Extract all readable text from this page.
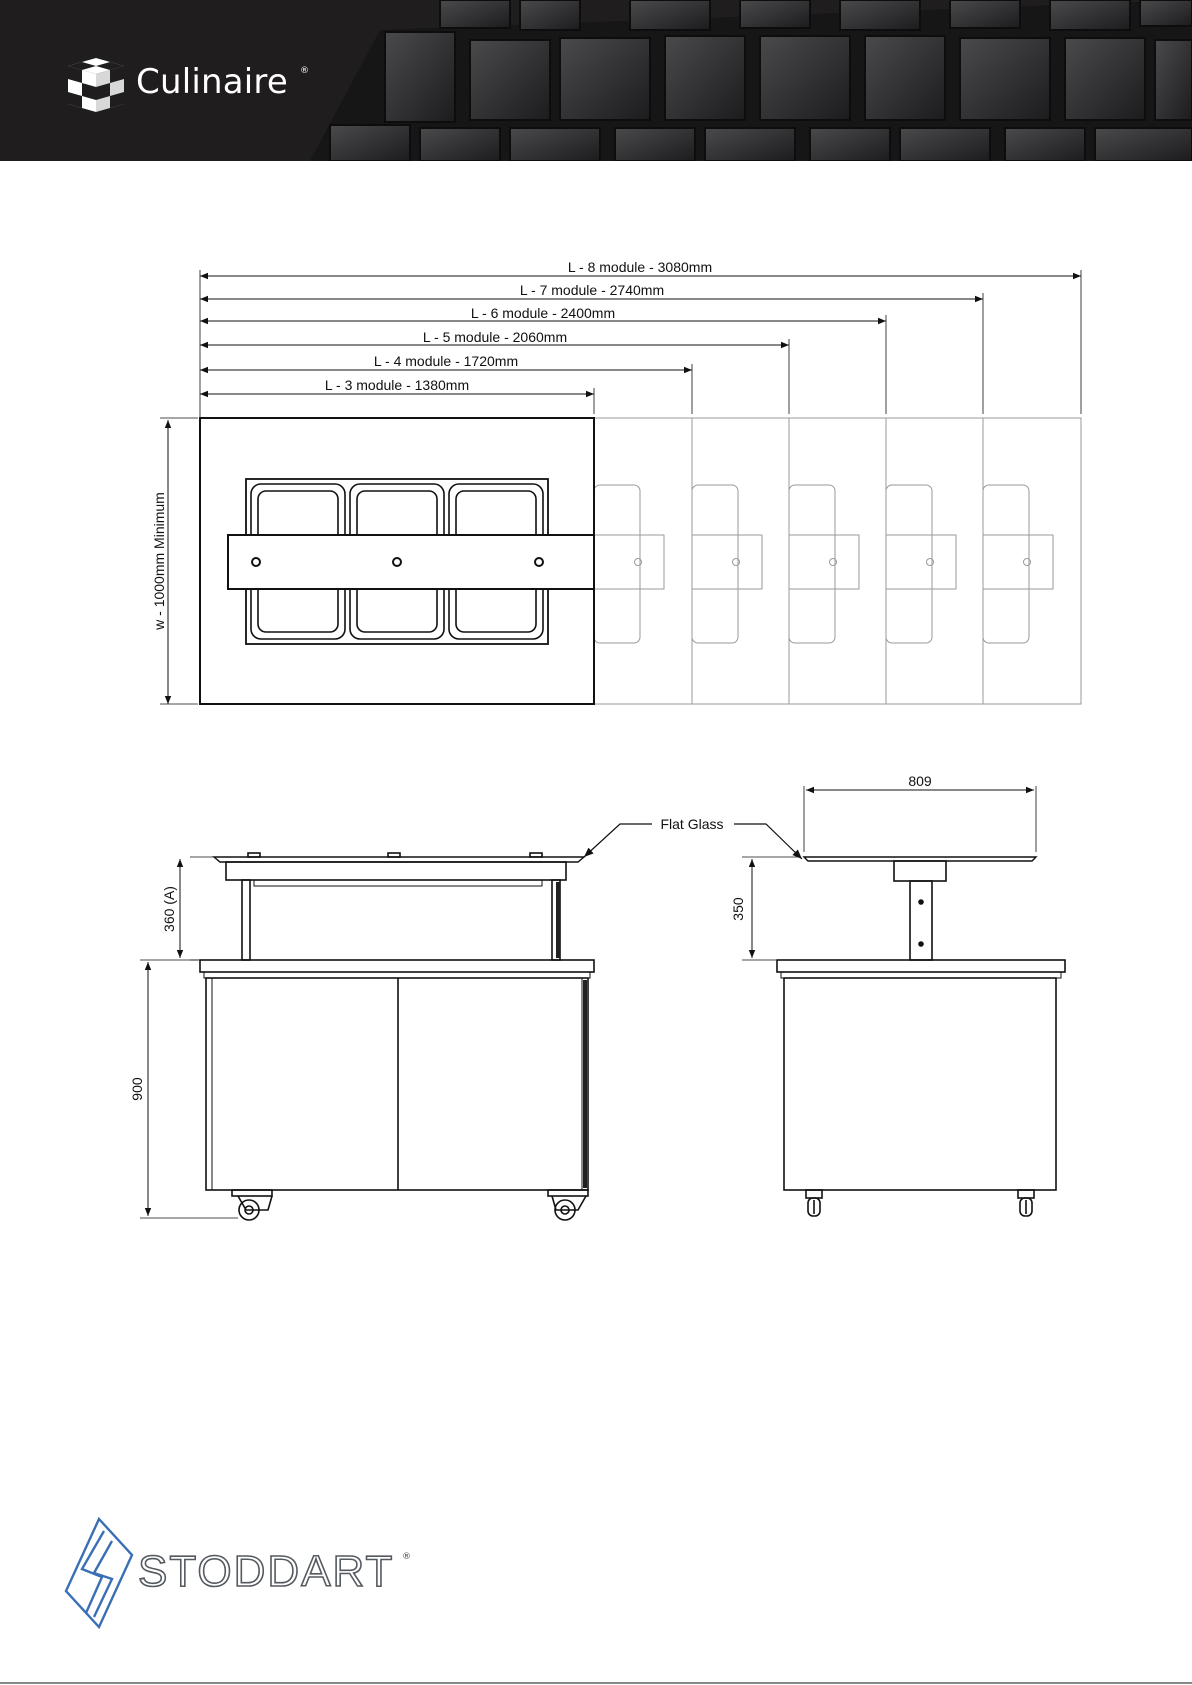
Culinaire ®
L - 8 module - 3080mm
L - 7 module - 2740mm
L - 6 module - 2400mm
L - 5 module - 2060mm
L - 4 module - 1720mm
L - 3 module - 1380mm
w - 1000mm Minimum
Flat Glass
360 (A)
900
809
350
STODDART ®
